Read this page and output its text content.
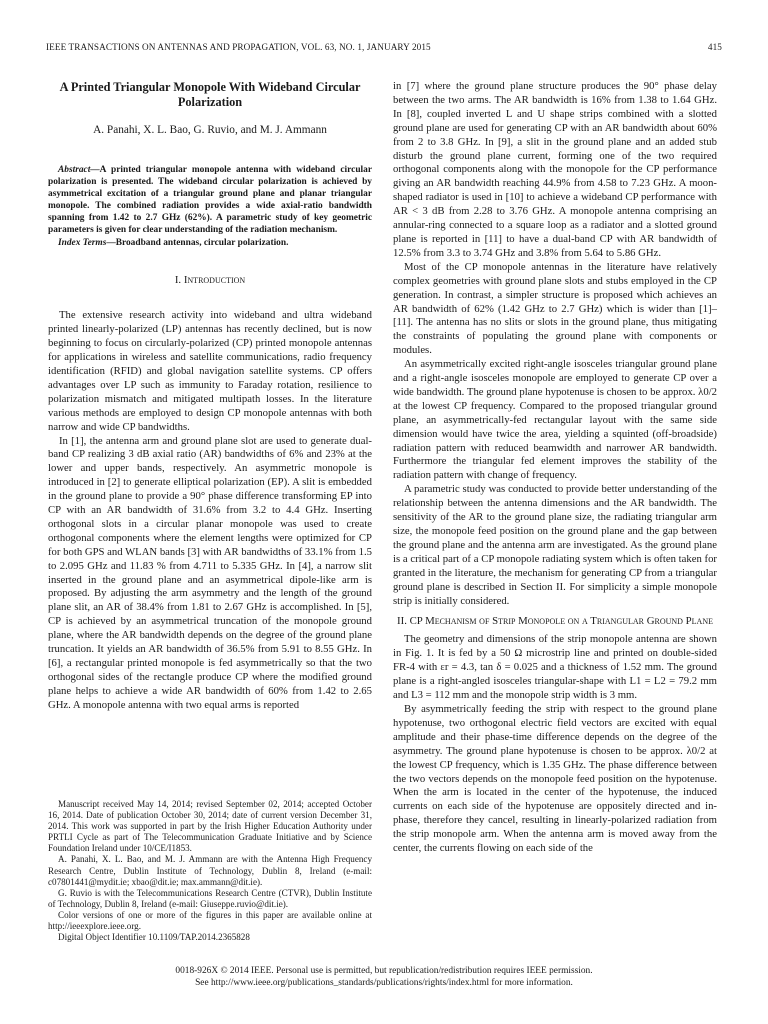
IEEE TRANSACTIONS ON ANTENNAS AND PROPAGATION, VOL. 63, NO. 1, JANUARY 2015	415
A Printed Triangular Monopole With Wideband Circular Polarization
A. Panahi, X. L. Bao, G. Ruvio, and M. J. Ammann
Abstract—A printed triangular monopole antenna with wideband circular polarization is presented. The wideband circular polarization is achieved by asymmetrical excitation of a triangular ground plane and planar triangular monopole. The combined radiation provides a wide axial-ratio bandwidth spanning from 1.42 to 2.7 GHz (62%). A parametric study of key geometric parameters is given for clear understanding of the radiation mechanism.
Index Terms—Broadband antennas, circular polarization.
I. Introduction

The extensive research activity into wideband and ultra wideband printed linearly-polarized (LP) antennas has recently declined, but is now beginning to focus on circularly-polarized (CP) printed monopole antennas for applications in wireless and satellite communications, radio frequency identification (RFID) and global navigation satellite systems. CP offers advantages over LP such as immunity to Faraday rotation, resilience to polarization mismatch and mitigated multipath losses. In the literature various methods are employed to design CP monopole antennas with both narrow and wide CP bandwidths.

In [1], the antenna arm and ground plane slot are used to generate dual-band CP realizing 3 dB axial ratio (AR) bandwidths of 6% and 23% at the lower and upper bands, respectively. An asymmetric monopole is introduced in [2] to generate elliptical polarization (EP). A slit is embedded in the ground plane to provide a 90° phase difference transforming EP into CP with an AR bandwidth of 31.6% from 3.2 to 4.4 GHz. Inserting orthogonal slots in a circular planar monopole was used to create orthogonal components where the element lengths were optimized for CP for both GPS and WLAN bands [3] with AR bandwidths of 33.1% from 1.5 to 2.095 GHz and 11.83 % from 4.711 to 5.335 GHz. In [4], a narrow slit inserted in the ground plane and an asymmetrical dipole-like arm is proposed. By adjusting the arm asymmetry and the length of the ground plane slit, an AR of 38.4% from 1.81 to 2.67 GHz is accomplished. In [5], CP is achieved by an asymmetrical truncation of the monopole ground plane, where the AR bandwidth depends on the degree of the ground plane truncation. It yields an AR bandwidth of 36.5% from 5.91 to 8.55 GHz. In [6], a rectangular printed monopole is fed asymmetrically so that the two orthogonal sides of the rectangle produce CP where the modified ground plane helps to achieve a wide AR bandwidth of 60% from 1.42 to 2.65 GHz. A monopole antenna with two equal arms is reported

Manuscript received May 14, 2014; revised September 02, 2014; accepted October 16, 2014. Date of publication October 30, 2014; date of current version December 31, 2014. This work was supported in part by the Irish Higher Education Authority under PRTLI Cycle as part of The Telecommunication Graduate Initiative and by Science Foundation Ireland under 10/CE/I1853.

A. Panahi, X. L. Bao, and M. J. Ammann are with the Antenna High Frequency Research Centre, Dublin Institute of Technology, Dublin 8, Ireland (e-mail: c07801441@mydit.ie; xbao@dit.ie; max.ammann@dit.ie).

G. Ruvio is with the Telecommunications Research Centre (CTVR), Dublin Institute of Technology, Dublin 8, Ireland (e-mail: Giuseppe.ruvio@dit.ie).

Color versions of one or more of the figures in this paper are available online at http://ieeexplore.ieee.org.

Digital Object Identifier 10.1109/TAP.2014.2365828

in [7] where the ground plane structure produces the 90° phase delay between the two arms. The AR bandwidth is 16% from 1.38 to 1.64 GHz. In [8], coupled inverted L and U shape strips combined with a slotted ground plane are used for generating CP with an AR bandwidth about 60% from 2 to 3.8 GHz. In [9], a slit in the ground plane and an added stub disturb the ground plane current, forming one of the two required orthogonal components along with the monopole for the CP performance giving an AR bandwidth reaching 44.9% from 4.58 to 7.23 GHz. A moon-shaped radiator is used in [10] to achieve a wideband CP performance with AR < 3 dB from 2.28 to 3.76 GHz. A monopole antenna comprising an annular-ring connected to a square loop as a radiator and a slotted ground plane is reported in [11] to have a dual-band CP with AR bandwidth of 12.5% from 3.3 to 3.74 GHz and 3.8% from 5.64 to 5.86 GHz.

Most of the CP monopole antennas in the literature have relatively complex geometries with ground plane slots and stubs employed in the CP generation. In contrast, a simpler structure is proposed which achieves an AR bandwidth of 62% (1.42 GHz to 2.7 GHz) which is wider than [1]–[11]. The antenna has no slits or slots in the ground plane, thus mitigating the constraints of populating the ground plane with components or modules.

An asymmetrically excited right-angle isosceles triangular ground plane and a right-angle isosceles monopole are employed to generate CP over a wide bandwidth. The ground plane hypotenuse is chosen to be approx. λ0/2 at the lowest CP frequency. Compared to the proposed triangular ground plane, an asymmetrically-fed rectangular layout with the same side dimension would have twice the area, yielding a squinted (off-broadside) radiation pattern with reduced beamwidth and narrower AR bandwidth. Furthermore the triangular fed element improves the stability of the radiation pattern with change of frequency.

A parametric study was conducted to provide better understanding of the relationship between the antenna dimensions and the AR bandwidth. The sensitivity of the AR to the ground plane size, the radiating triangular arm size, the monopole feed position on the ground plane and the gap between the ground plane and the antenna arm are investigated. As the ground plane is a critical part of a CP monopole radiating system which is often taken for granted in the literature, the mechanism for generating CP from a triangular ground plane is described in Section II. For simplicity a simple monopole strip is initially considered.

II. CP Mechanism of Strip Monopole on a Triangular Ground Plane

The geometry and dimensions of the strip monopole antenna are shown in Fig. 1. It is fed by a 50 Ω microstrip line and printed on double-sided FR-4 with εr = 4.3, tan δ = 0.025 and a thickness of 1.52 mm. The ground plane is a right-angled isosceles triangular-shape with L1 = L2 = 79.2 mm and L3 = 112 mm and the monopole strip width is 3 mm.

By asymmetrically feeding the strip with respect to the ground plane hypotenuse, two orthogonal electric field vectors are excited with equal amplitude and their phase-time difference depends on the degree of the asymmetry. The ground plane hypotenuse is chosen to be approx. λ0/2 at the lowest CP frequency, which is 1.35 GHz. The phase difference between the two vectors depends on the monopole feed position on the hypotenuse. When the arm is located in the center of the hypotenuse, the induced currents on each side of the hypotenuse are oppositely directed and in-phase, therefore they cancel, resulting in linearly-polarized radiation from the strip monopole arm. When the antenna arm is moved away from the center, the currents flowing on each side of the

0018-926X © 2014 IEEE. Personal use is permitted, but republication/redistribution requires IEEE permission.
See http://www.ieee.org/publications_standards/publications/rights/index.html for more information.
